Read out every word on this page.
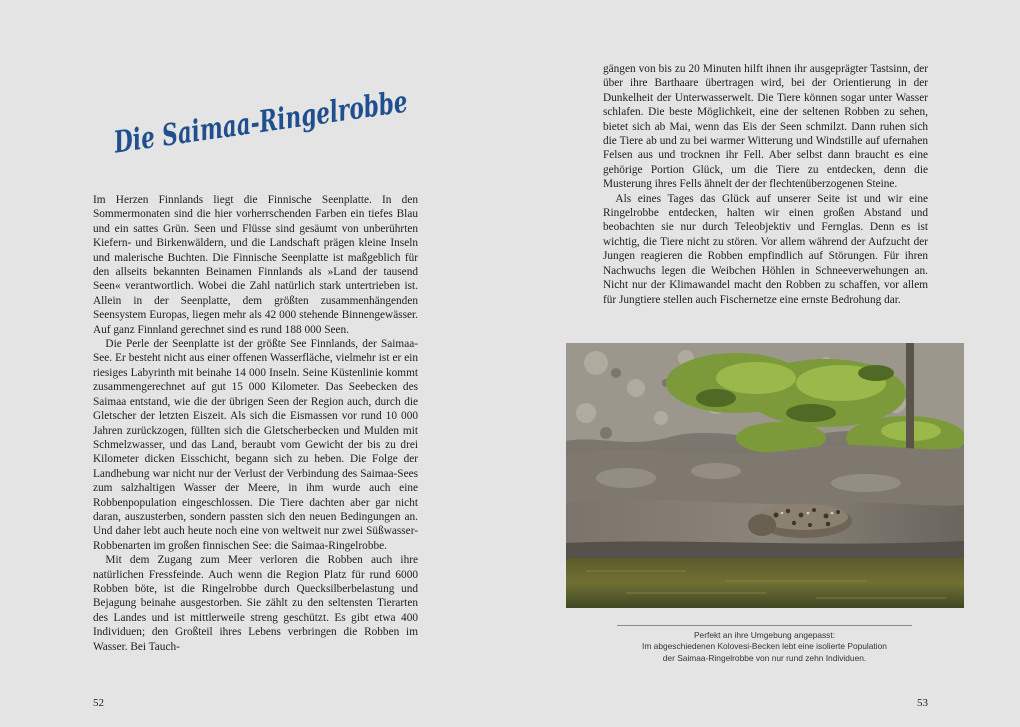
Die Saimaa-Ringelrobbe

Im Herzen Finnlands liegt die Finnische Seenplatte. In den Sommermonaten sind die hier vorherrschenden Farben ein tiefes Blau und ein sattes Grün. Seen und Flüsse sind gesäumt von unberührten Kiefern- und Birkenwäldern, und die Landschaft prägen kleine Inseln und malerische Buchten. Die Finnische Seenplatte ist maßgeblich für den allseits bekannten Beinamen Finnlands als »Land der tausend Seen« verantwortlich. Wobei die Zahl natürlich stark untertrieben ist. Allein in der Seenplatte, dem größten zusammenhängenden Seensystem Europas, liegen mehr als 42 000 stehende Binnengewässer. Auf ganz Finnland gerechnet sind es rund 188 000 Seen.

Die Perle der Seenplatte ist der größte See Finnlands, der Saimaa-See. Er besteht nicht aus einer offenen Wasserfläche, vielmehr ist er ein riesiges Labyrinth mit beinahe 14 000 Inseln. Seine Küstenlinie kommt zusammengerechnet auf gut 15 000 Kilometer. Das Seebecken des Saimaa entstand, wie die der übrigen Seen der Region auch, durch die Gletscher der letzten Eiszeit. Als sich die Eismassen vor rund 10 000 Jahren zurückzogen, füllten sich die Gletscherbecken und Mulden mit Schmelzwasser, und das Land, beraubt vom Gewicht der bis zu drei Kilometer dicken Eisschicht, begann sich zu heben. Die Folge der Landhebung war nicht nur der Verlust der Verbindung des Saimaa-Sees zum salzhaltigen Wasser der Meere, in ihm wurde auch eine Robbenpopulation eingeschlossen. Die Tiere dachten aber gar nicht daran, auszusterben, sondern passten sich den neuen Bedingungen an. Und daher lebt auch heute noch eine von weltweit nur zwei Süßwasser-Robbenarten im großen finnischen See: die Saimaa-Ringelrobbe.

Mit dem Zugang zum Meer verloren die Robben auch ihre natürlichen Fressfeinde. Auch wenn die Region Platz für rund 6000 Robben böte, ist die Ringelrobbe durch Quecksilberbelastung und Bejagung beinahe ausgestorben. Sie zählt zu den seltensten Tierarten des Landes und ist mittlerweile streng geschützt. Es gibt etwa 400 Individuen; den Großteil ihres Lebens verbringen die Robben im Wasser. Bei Tauch-

52

gängen von bis zu 20 Minuten hilft ihnen ihr ausgeprägter Tastsinn, der über ihre Barthaare übertragen wird, bei der Orientierung in der Dunkelheit der Unterwasserwelt. Die Tiere können sogar unter Wasser schlafen. Die beste Möglichkeit, eine der seltenen Robben zu sehen, bietet sich ab Mai, wenn das Eis der Seen schmilzt. Dann ruhen sich die Tiere ab und zu bei warmer Witterung und Windstille auf ufernahen Felsen aus und trocknen ihr Fell. Aber selbst dann braucht es eine gehörige Portion Glück, um die Tiere zu entdecken, denn die Musterung ihres Fells ähnelt der der flechtenüberzogenen Steine.

Als eines Tages das Glück auf unserer Seite ist und wir eine Ringelrobbe entdecken, halten wir einen großen Abstand und beobachten sie nur durch Teleobjektiv und Fernglas. Denn es ist wichtig, die Tiere nicht zu stören. Vor allem während der Aufzucht der Jungen reagieren die Robben empfindlich auf Störungen. Für ihren Nachwuchs legen die Weibchen Höhlen in Schneeverwehungen an. Nicht nur der Klimawandel macht den Robben zu schaffen, vor allem für Jungtiere stellen auch Fischernetze eine ernste Bedrohung dar.

Perfekt an ihre Umgebung angepasst:
Im abgeschiedenen Kolovesi-Becken lebt eine isolierte Population
der Saimaa-Ringelrobbe von nur rund zehn Individuen.
53
